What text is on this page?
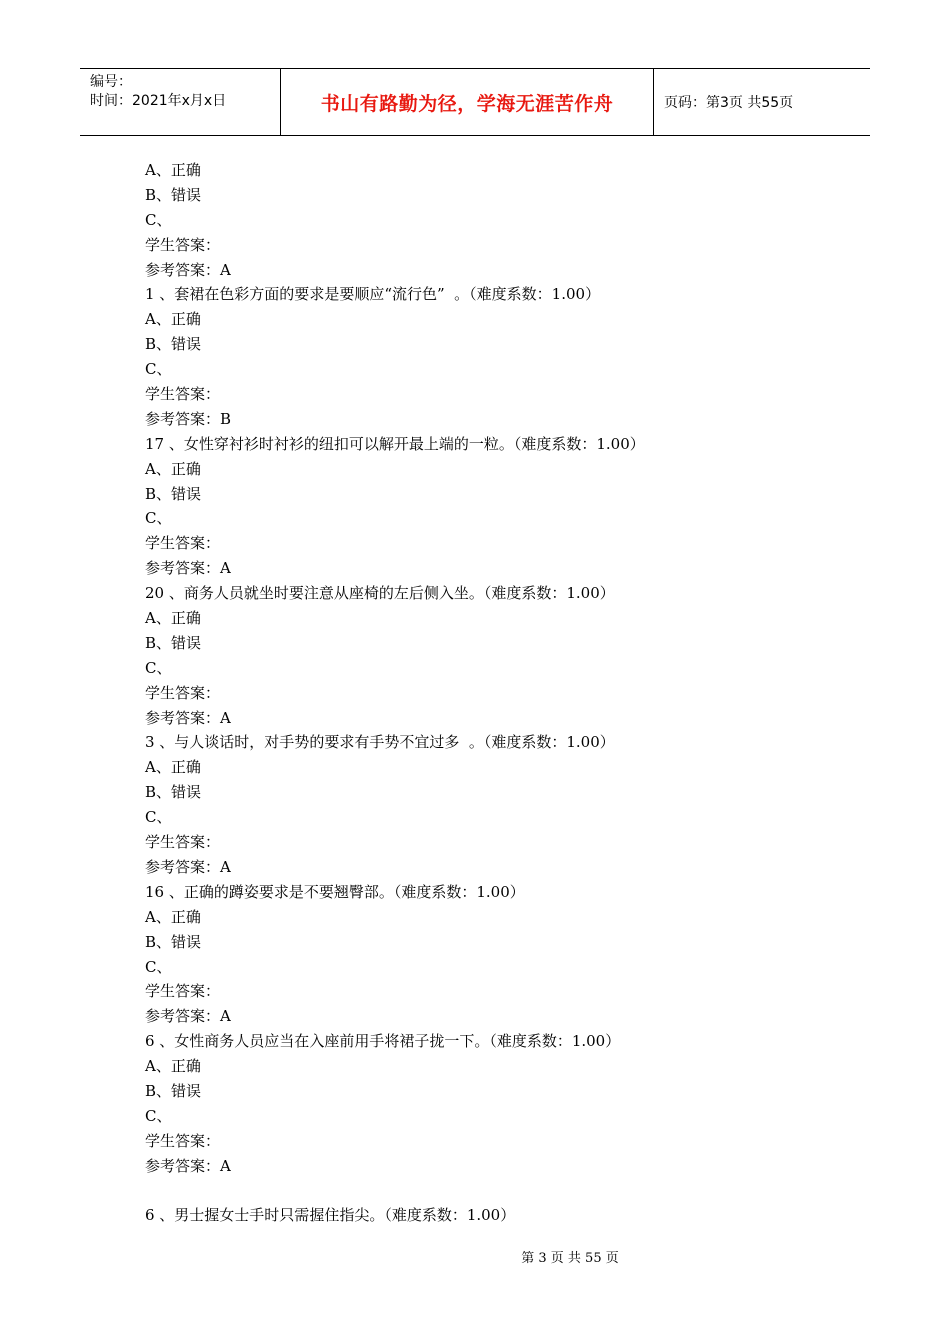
编号：
时间：2021年x月x日	书山有路勤为径，学海无涯苦作舟	页码：第3页 共55页
A、正确
B、错误
C、
学生答案：
参考答案：A
1 、套裙在色彩方面的要求是要顺应“流行色”  。（难度系数：1.00）
A、正确
B、错误
C、
学生答案：
参考答案：B
17 、女性穿衬衫时衬衫的纽扣可以解开最上端的一粒。（难度系数：1.00）
A、正确
B、错误
C、
学生答案：
参考答案：A
20 、商务人员就坐时要注意从座椅的左后侧入坐。（难度系数：1.00）
A、正确
B、错误
C、
学生答案：
参考答案：A
3 、与人谈话时，对手势的要求有手势不宜过多  。（难度系数：1.00）
A、正确
B、错误
C、
学生答案：
参考答案：A
16 、正确的蹲姿要求是不要翘臀部。（难度系数：1.00）
A、正确
B、错误
C、
学生答案：
参考答案：A
6 、女性商务人员应当在入座前用手将裙子拢一下。（难度系数：1.00）
A、正确
B、错误
C、
学生答案：
参考答案：A
6 、男士握女士手时只需握住指尖。（难度系数：1.00）
第 3 页 共 55 页
